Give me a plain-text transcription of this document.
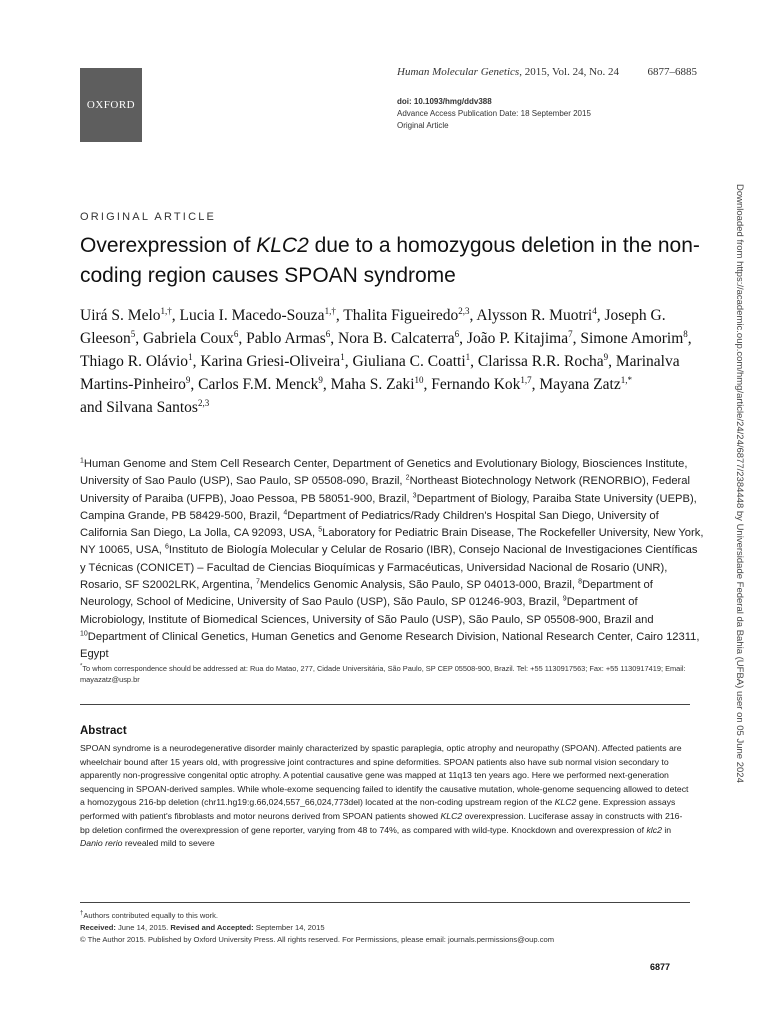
OXFORD
Human Molecular Genetics, 2015, Vol. 24, No. 24	6877–6885
doi: 10.1093/hmg/ddv388
Advance Access Publication Date: 18 September 2015
Original Article
Downloaded from https://academic.oup.com/hmg/article/24/24/6877/2384448 by Universidade Federal da Bahia (UFBA) user on 05 June 2024
ORIGINAL ARTICLE
Overexpression of KLC2 due to a homozygous deletion in the non-coding region causes SPOAN syndrome
Uirá S. Melo$^{1,\dagger}$, Lucia I. Macedo-Souza$^{1,\dagger}$, Thalita Figueiredo$^{2,3}$, Alysson R. Muotri$^4$, Joseph G. Gleeson$^5$, Gabriela Coux$^6$, Pablo Armas$^6$, Nora B. Calcaterra$^6$, João P. Kitajima$^7$, Simone Amorim$^8$, Thiago R. Olávio$^1$, Karina Griesi-Oliveira$^1$, Giuliana C. Coatti$^1$, Clarissa R.R. Rocha$^9$, Marinalva Martins-Pinheiro$^9$, Carlos F.M. Menck$^9$, Maha S. Zaki$^{10}$, Fernando Kok$^{1,7}$, Mayana Zatz$^{1,*}$
and Silvana Santos$^{2,3}$
$^1$Human Genome and Stem Cell Research Center, Department of Genetics and Evolutionary Biology, Biosciences Institute, University of Sao Paulo (USP), Sao Paulo, SP 05508-090, Brazil, $^2$Northeast Biotechnology Network (RENORBIO), Federal University of Paraiba (UFPB), Joao Pessoa, PB 58051-900, Brazil, $^3$Department of Biology, Paraiba State University (UEPB), Campina Grande, PB 58429-500, Brazil, $^4$Department of Pediatrics/Rady Children's Hospital San Diego, University of California San Diego, La Jolla, CA 92093, USA, $^5$Laboratory for Pediatric Brain Disease, The Rockefeller University, New York, NY 10065, USA, $^6$Instituto de Biología Molecular y Celular de Rosario (IBR), Consejo Nacional de Investigaciones Científicas y Técnicas (CONICET) – Facultad de Ciencias Bioquímicas y Farmacéuticas, Universidad Nacional de Rosario (UNR), Rosario, SF S2002LRK, Argentina, $^7$Mendelics Genomic Analysis, São Paulo, SP 04013-000, Brazil, $^8$Department of Neurology, School of Medicine, University of Sao Paulo (USP), São Paulo, SP 01246-903, Brazil, $^9$Department of Microbiology, Institute of Biomedical Sciences, University of São Paulo (USP), São Paulo, SP 05508-900, Brazil and $^{10}$Department of Clinical Genetics, Human Genetics and Genome Research Division, National Research Center, Cairo 12311, Egypt
*To whom correspondence should be addressed at: Rua do Matao, 277, Cidade Universitária, São Paulo, SP CEP 05508-900, Brazil. Tel: +55 1130917563; Fax: +55 1130917419; Email: mayazatz@usp.br
Abstract
SPOAN syndrome is a neurodegenerative disorder mainly characterized by spastic paraplegia, optic atrophy and neuropathy (SPOAN). Affected patients are wheelchair bound after 15 years old, with progressive joint contractures and spine deformities. SPOAN patients also have sub normal vision secondary to apparently non-progressive congenital optic atrophy. A potential causative gene was mapped at 11q13 ten years ago. Here we performed next-generation sequencing in SPOAN-derived samples. While whole-exome sequencing failed to identify the causative mutation, whole-genome sequencing allowed to detect a homozygous 216-bp deletion (chr11.hg19:g.66,024,557_66,024,773del) located at the non-coding upstream region of the KLC2 gene. Expression assays performed with patient's fibroblasts and motor neurons derived from SPOAN patients showed KLC2 overexpression. Luciferase assay in constructs with 216-bp deletion confirmed the overexpression of gene reporter, varying from 48 to 74%, as compared with wild-type. Knockdown and overexpression of klc2 in Danio rerio revealed mild to severe
†Authors contributed equally to this work.
Received: June 14, 2015. Revised and Accepted: September 14, 2015
© The Author 2015. Published by Oxford University Press. All rights reserved. For Permissions, please email: journals.permissions@oup.com
6877
